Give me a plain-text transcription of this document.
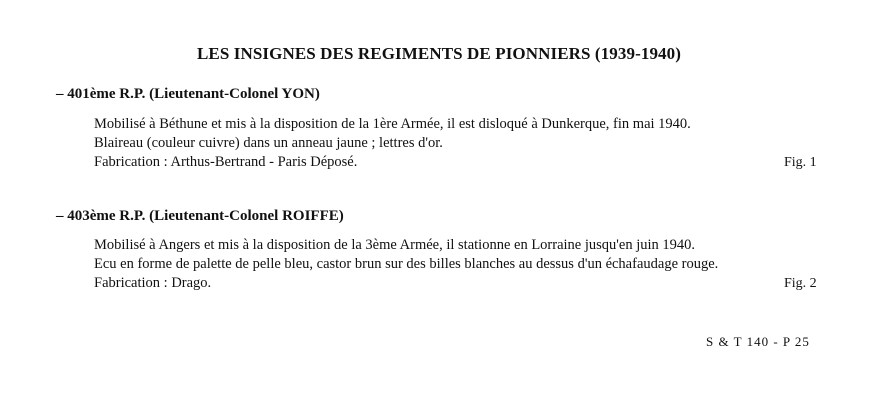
LES INSIGNES DES REGIMENTS DE PIONNIERS (1939-1940)
– 401ème R.P. (Lieutenant-Colonel YON)
Mobilisé à Béthune et mis à la disposition de la 1ère Armée, il est disloqué à Dunkerque, fin mai 1940.
Blaireau (couleur cuivre) dans un anneau jaune ; lettres d'or.
Fabrication : Arthus-Bertrand - Paris Déposé.	Fig. 1
– 403ème R.P. (Lieutenant-Colonel ROIFFE)
Mobilisé à Angers et mis à la disposition de la 3ème Armée, il stationne en Lorraine jusqu'en juin 1940.
Ecu en forme de palette de pelle bleu, castor brun sur des billes blanches au dessus d'un échafaudage rouge.
Fabrication : Drago.	Fig. 2
S & T 140 - P 25
